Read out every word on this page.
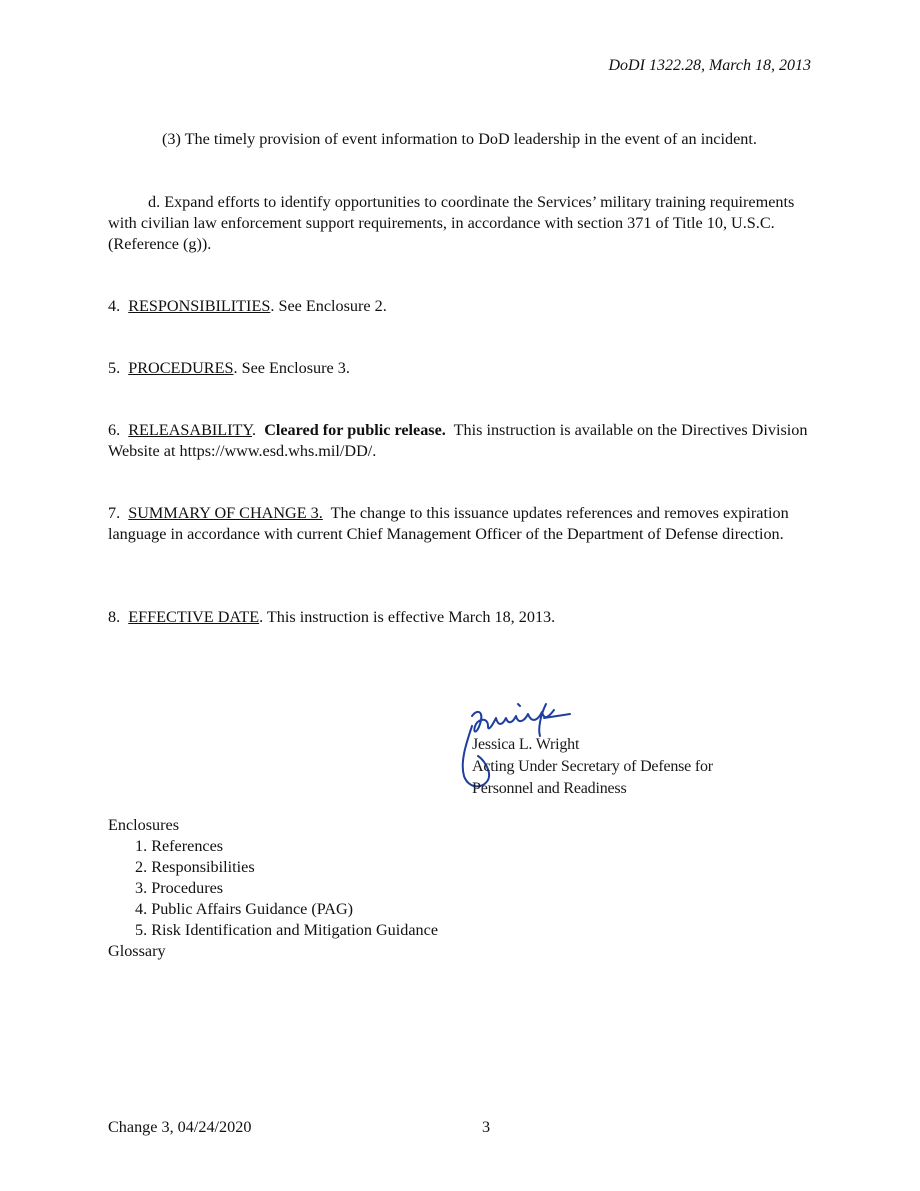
DoDI 1322.28, March 18, 2013
(3) The timely provision of event information to DoD leadership in the event of an incident.
d. Expand efforts to identify opportunities to coordinate the Services’ military training requirements with civilian law enforcement support requirements, in accordance with section 371 of Title 10, U.S.C. (Reference (g)).
4. RESPONSIBILITIES. See Enclosure 2.
5. PROCEDURES. See Enclosure 3.
6. RELEASABILITY. Cleared for public release. This instruction is available on the Directives Division Website at https://www.esd.whs.mil/DD/.
7. SUMMARY OF CHANGE 3. The change to this issuance updates references and removes expiration language in accordance with current Chief Management Officer of the Department of Defense direction.
8. EFFECTIVE DATE. This instruction is effective March 18, 2013.
Jessica L. Wright
Acting Under Secretary of Defense for
Personnel and Readiness
Enclosures
1. References
2. Responsibilities
3. Procedures
4. Public Affairs Guidance (PAG)
5. Risk Identification and Mitigation Guidance
Glossary
Change 3, 04/24/2020	3
